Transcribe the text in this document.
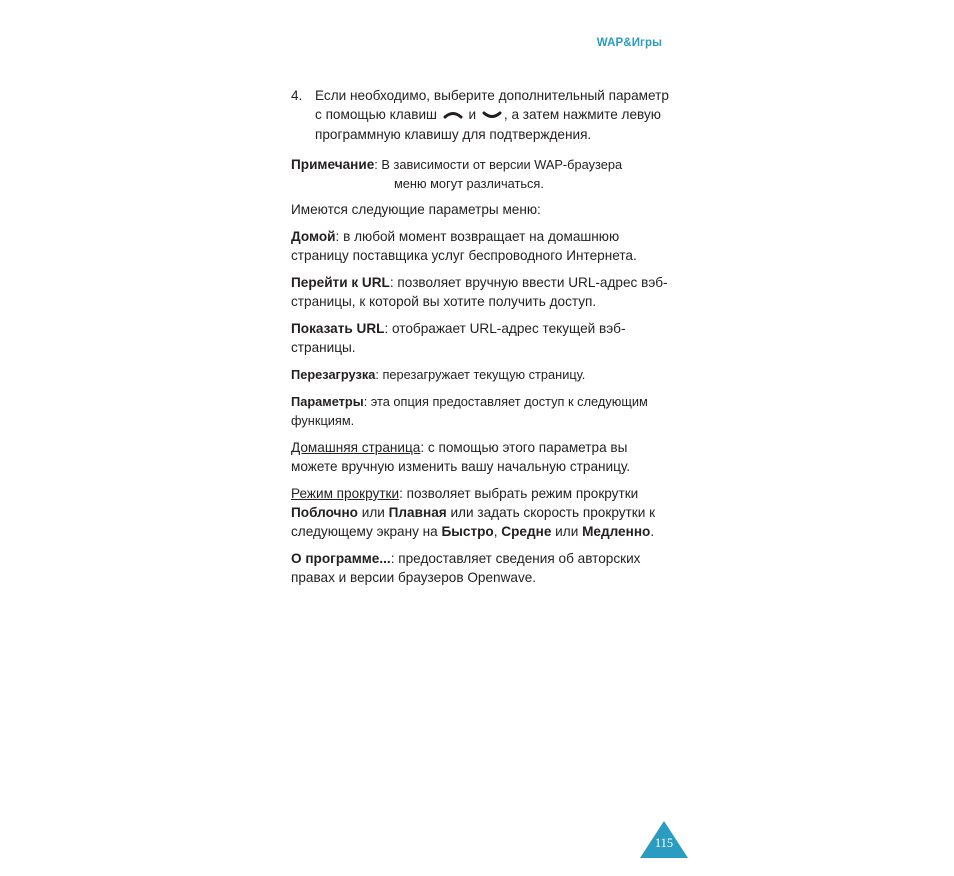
WAP&Игры
4. Если необходимо, выберите дополнительный параметр с помощью клавиш и , а затем нажмите левую программную клавишу для подтверждения.
Примечание: В зависимости от версии WAP-браузера
меню могут различаться.

Имеются следующие параметры меню:

Домой: в любой момент возвращает на домашнюю страницу поставщика услуг беспроводного Интернета.

Перейти к URL: позволяет вручную ввести URL-адрес вэб-страницы, к которой вы хотите получить доступ.

Показать URL: отображает URL-адрес текущей вэб-страницы.

Перезагрузка: перезагружает текущую страницу.

Параметры: эта опция предоставляет доступ к следующим функциям.

Домашняя страница: с помощью этого параметра вы можете вручную изменить вашу начальную страницу.

Режим прокрутки: позволяет выбрать режим прокрутки Поблочно или Плавная или задать скорость прокрутки к следующему экрану на Быстро, Средне или Медленно.

О программе...: предоставляет сведения об авторских правах и версии браузеров Openwave.

115
